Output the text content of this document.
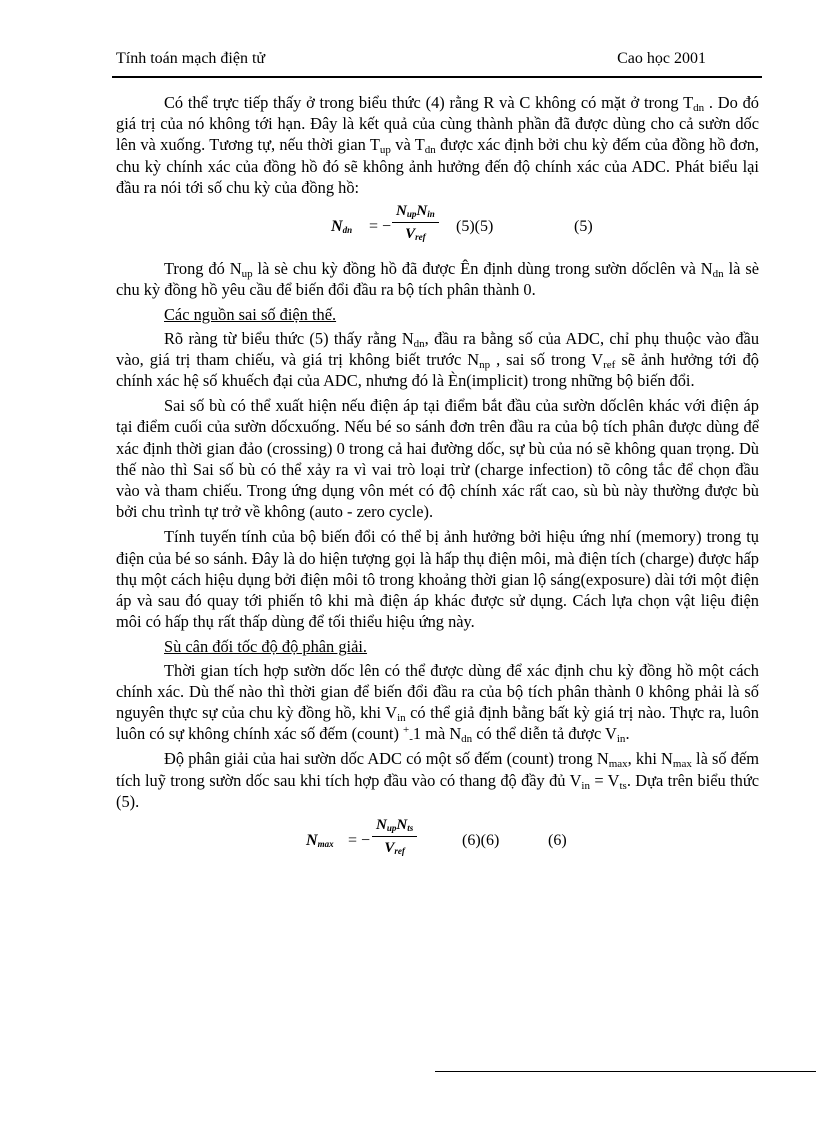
Tính toán mạch điện tử	Cao học 2001

Có thể trực tiếp thấy ở trong biểu thức (4) rằng R và C không có mặt ở trong $T_{dn}$ . Do đó giá trị của nó không tới hạn. Đây là kết quả của cùng thành phần đã được dùng cho cả sườn dốc lên và xuống. Tương tự, nếu thời gian $T_{up}$ và $T_{dn}$ được xác định bởi chu kỳ đếm của đồng hồ đơn, chu kỳ chính xác của đồng hồ đó sẽ không ảnh hưởng đến độ chính xác của ADC. Phát biểu lại đầu ra nói tới số chu kỳ của đồng hồ:

$N_{dn}$ = −
$N_{up}N_{in}$
$V_{ref}$
(5)(5)	(5)

Trong đó $N_{up}$ là sè chu kỳ đồng hồ đã được Ên định dùng trong sườn dốclên và $N_{dn}$ là sè chu kỳ đồng hồ yêu cầu để biến đổi đầu ra bộ tích phân thành 0.

Các nguồn sai số điện thế.

Rõ ràng từ biểu thức (5) thấy rằng $N_{dn}$, đầu ra bằng số của ADC, chỉ phụ thuộc vào đầu vào, giá trị tham chiếu, và giá trị không biết trước $N_{np}$ , sai số trong $V_{ref}$ sẽ ảnh hưởng tới độ chính xác hệ số khuếch đại của ADC, nhưng đó là Èn(implicit) trong những bộ biến đổi.

Sai số bù có thể xuất hiện nếu điện áp tại điểm bắt đầu của sườn dốclên khác với điện áp tại điểm cuối của sườn dốcxuống. Nếu bé so sánh đơn trên đầu ra của bộ tích phân được dùng để xác định thời gian đảo (crossing) 0 trong cả hai đường dốc, sự bù của nó sẽ không quan trọng. Dù thế nào thì Sai số bù có thể xảy ra vì vai trò loại trừ (charge infection) tõ công tắc để chọn đầu vào và tham chiếu. Trong ứng dụng vôn mét có độ chính xác rất cao, sù bù này thường được bù bởi chu trình tự trở về không (auto - zero cycle).

Tính tuyến tính của bộ biến đổi có thể bị ảnh hưởng bởi hiệu ứng nhí (memory) trong tụ điện của bé so sánh. Đây là do hiện tượng gọi là hấp thụ điện môi, mà điện tích (charge) được hấp thụ một cách hiệu dụng bởi điện môi tô trong khoảng thời gian lộ sáng(exposure) dài tới một điện áp và sau đó quay tới phiến tô khi mà điện áp khác được sử dụng. Cách lựa chọn vật liệu điện môi có hấp thụ rất thấp dùng để tối thiểu hiệu ứng này.

Sù cân đối tốc độ độ phân giải.

Thời gian tích hợp sườn dốc lên có thể được dùng để xác định chu kỳ đồng hồ một cách chính xác. Dù thế nào thì thời gian để biến đổi đầu ra của bộ tích phân thành 0 không phải là số nguyên thực sự của chu kỳ đồng hồ, khi $V_{in}$ có thể giả định bằng bất kỳ giá trị nào. Thực ra, luôn luôn có sự không chính xác số đếm (count) +$_-$1 mà $N_{dn}$ có thể diễn tả được $V_{in}$.

Độ phân giải của hai sườn dốc ADC có một số đếm (count) trong $N_{max}$, khi $N_{max}$ là số đếm tích luỹ trong sườn dốc sau khi tích hợp đầu vào có thang độ đầy đủ $V_{in} = V_{ts}$. Dựa trên biểu thức (5).

$N_{max}$ = −
$N_{up}N_{ts}$
$V_{ref}$
(6)(6)	(6)
